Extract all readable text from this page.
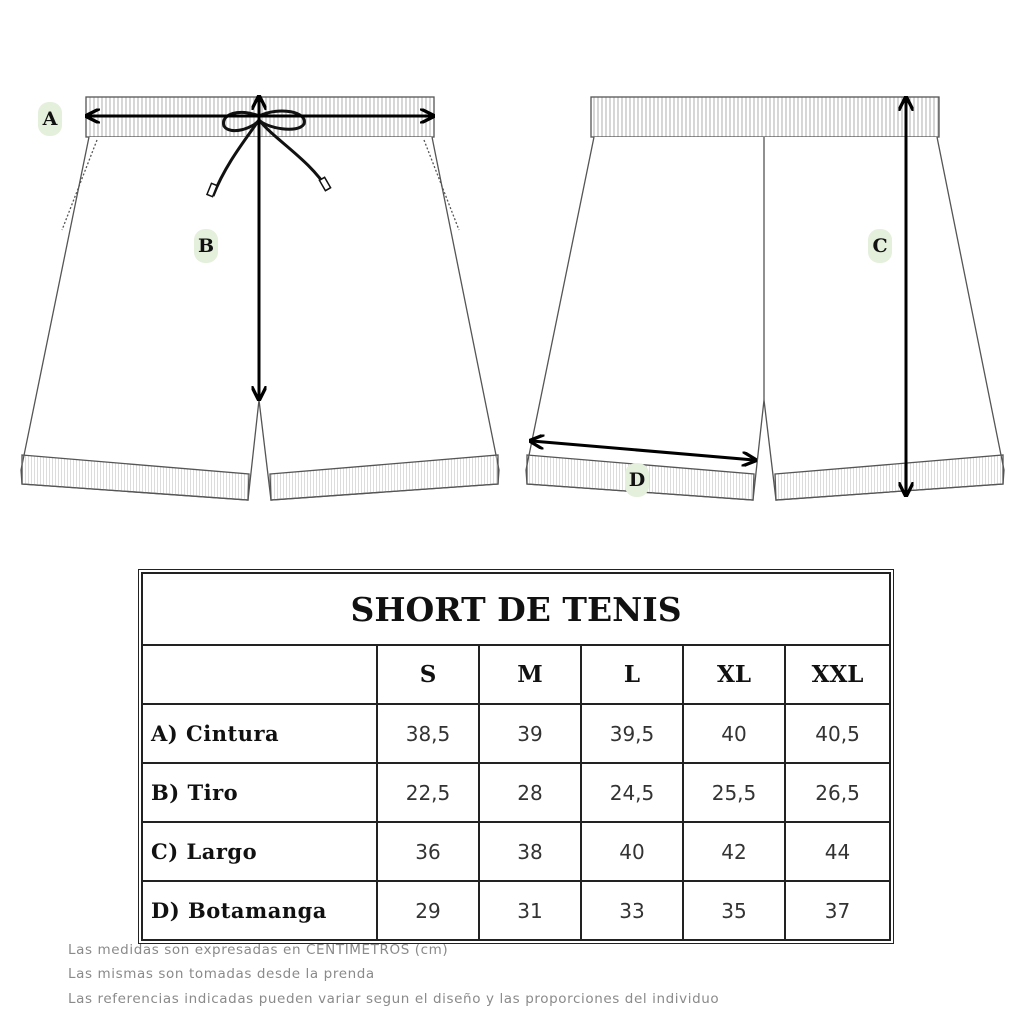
A
B	C
D
SHORT DE TENIS					
	S	M	L	XL	XXL
A) Cintura	38,5	39	39,5	40	40,5
B) Tiro	22,5	28	24,5	25,5	26,5
C) Largo	36	38	40	42	44
D) Botamanga	29	31	33	35	37
Las medidas son expresadas en CENTIMETROS (cm)
Las mismas son tomadas desde la prenda
Las referencias indicadas pueden variar segun el diseño y las proporciones del individuo
